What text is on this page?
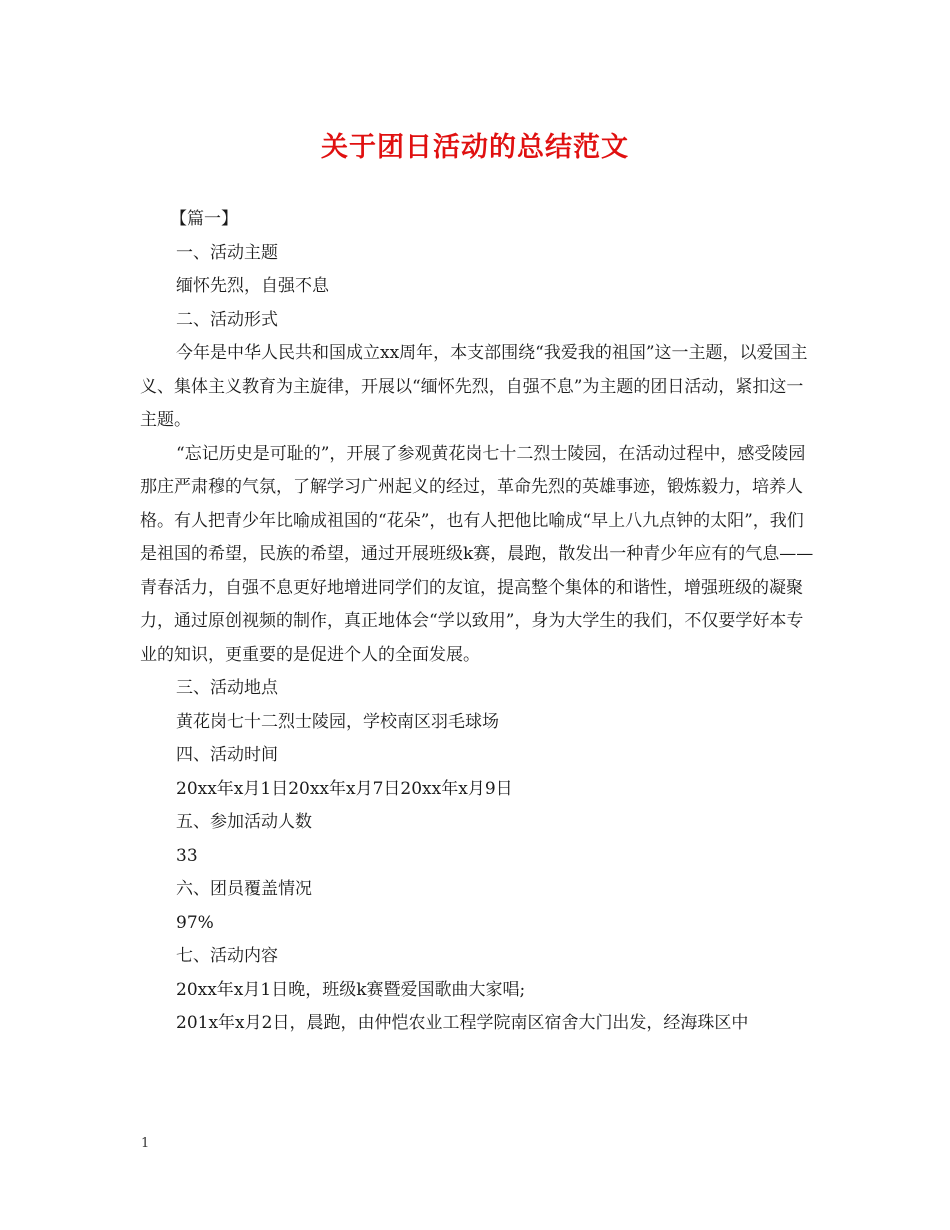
关于团日活动的总结范文

【篇一】

一、活动主题

缅怀先烈，自强不息

二、活动形式

今年是中华人民共和国成立xx周年，本支部围绕“我爱我的祖国”这一主题，以爱国主义、集体主义教育为主旋律，开展以“缅怀先烈，自强不息”为主题的团日活动，紧扣这一主题。

“忘记历史是可耻的”，开展了参观黄花岗七十二烈士陵园，在活动过程中，感受陵园那庄严肃穆的气氛，了解学习广州起义的经过，革命先烈的英雄事迹，锻炼毅力，培养人格。有人把青少年比喻成祖国的“花朵”，也有人把他比喻成“早上八九点钟的太阳”，我们是祖国的希望，民族的希望，通过开展班级k赛，晨跑，散发出一种青少年应有的气息——青春活力，自强不息更好地增进同学们的友谊，提高整个集体的和谐性，增强班级的凝聚力，通过原创视频的制作，真正地体会“学以致用”，身为大学生的我们，不仅要学好本专业的知识，更重要的是促进个人的全面发展。

三、活动地点

黄花岗七十二烈士陵园，学校南区羽毛球场

四、活动时间

20xx年x月1日20xx年x月7日20xx年x月9日

五、参加活动人数

33

六、团员覆盖情况

97%

七、活动内容

20xx年x月1日晚，班级k赛暨爱国歌曲大家唱;

201x年x月2日，晨跑，由仲恺农业工程学院南区宿舍大门出发，经海珠区中

1
